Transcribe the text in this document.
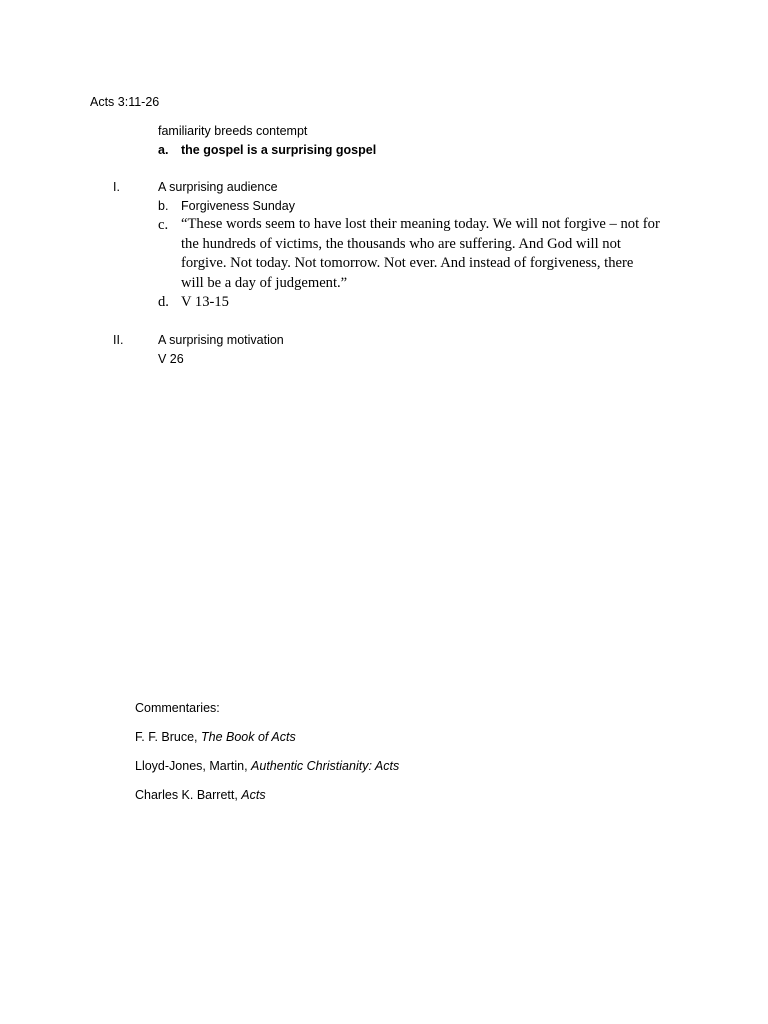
Acts 3:11-26
familiarity breeds contempt
a. the gospel is a surprising gospel
I.	A surprising audience
b. Forgiveness Sunday
c. “These words seem to have lost their meaning today. We will not forgive – not for
the hundreds of victims, the thousands who are suffering. And God will not
forgive. Not today. Not tomorrow. Not ever. And instead of forgiveness, there
will be a day of judgement.”
d. V 13-15
II.	A surprising motivation
V 26
Commentaries:
F. F. Bruce, The Book of Acts
Lloyd-Jones, Martin, Authentic Christianity: Acts
Charles K. Barrett, Acts
